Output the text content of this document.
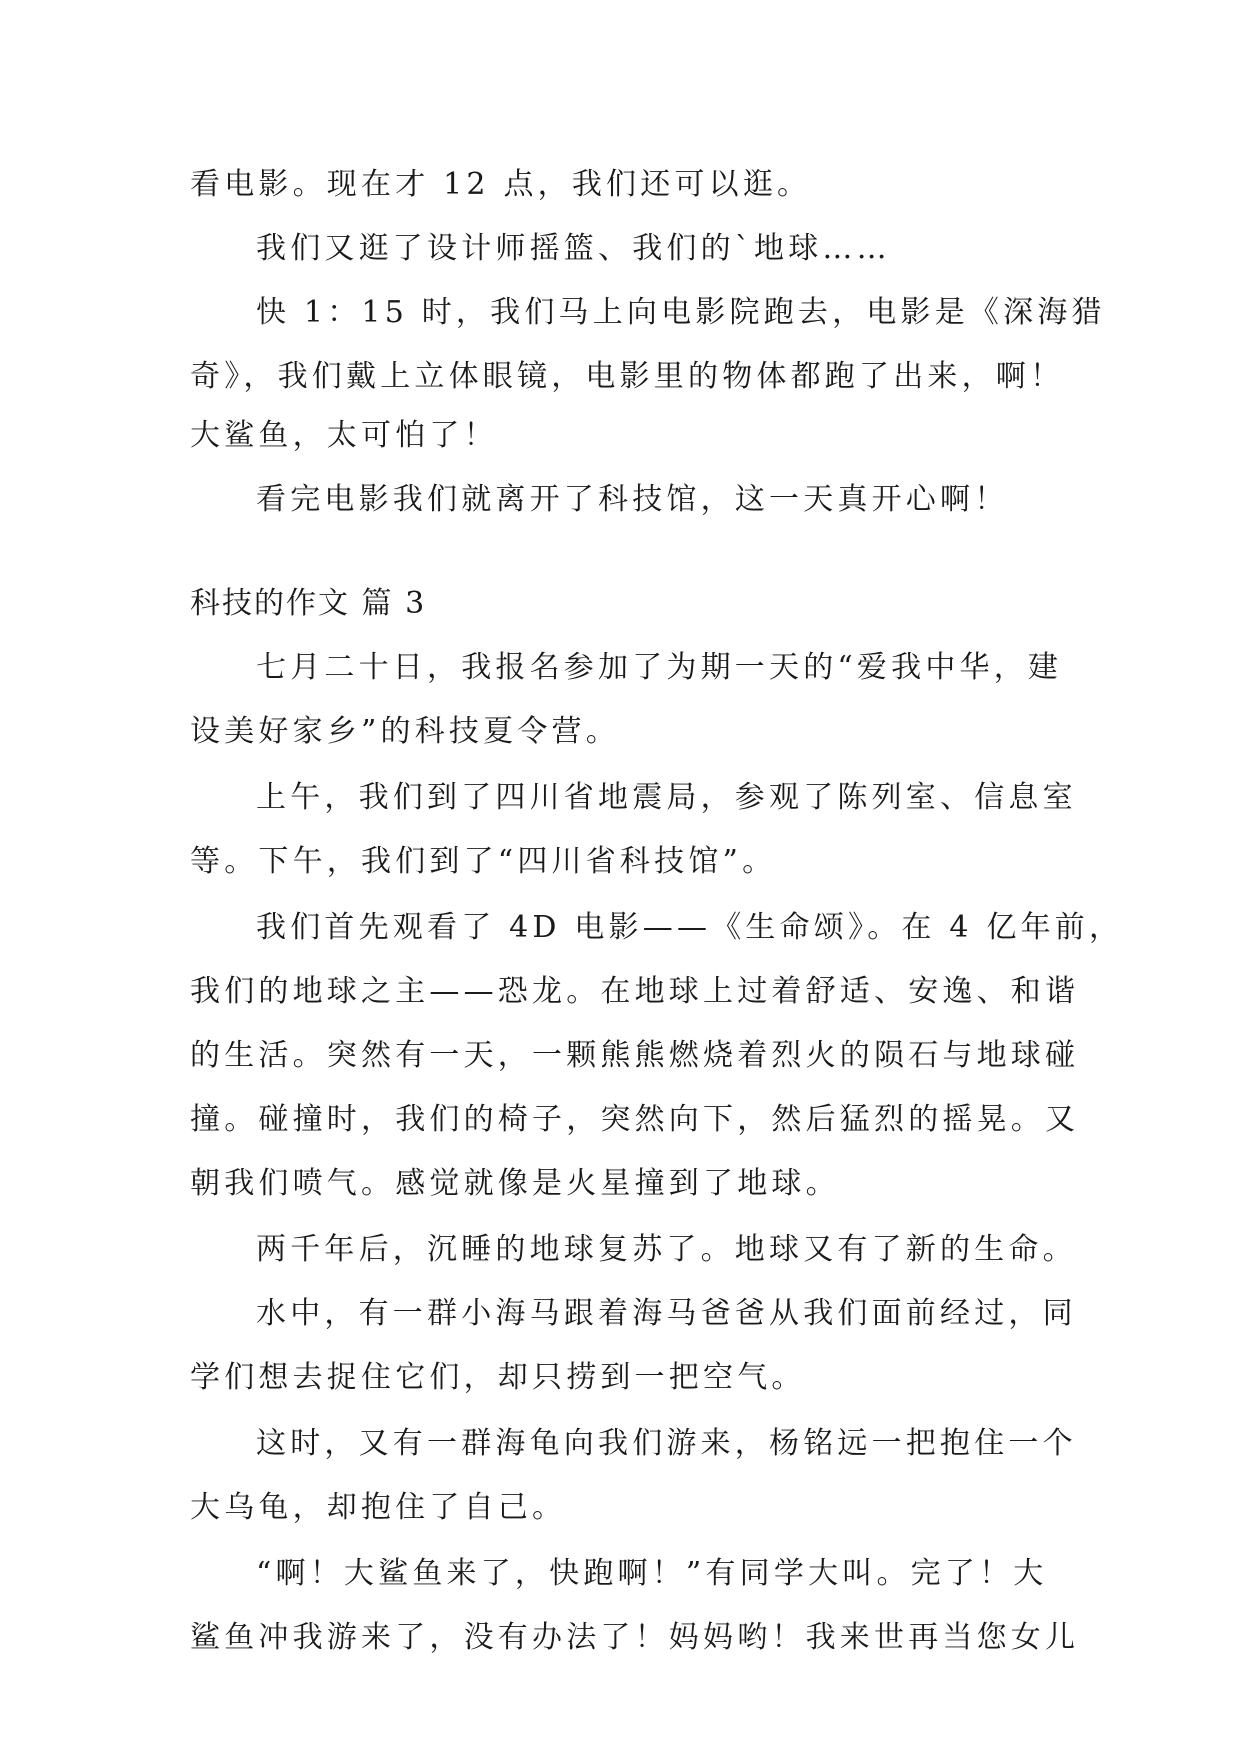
看电影。现在才 12 点，我们还可以逛。
我们又逛了设计师摇篮、我们的`地球……
快 1：15 时，我们马上向电影院跑去，电影是《深海猎
奇》，我们戴上立体眼镜，电影里的物体都跑了出来，啊！
大鲨鱼，太可怕了！
看完电影我们就离开了科技馆，这一天真开心啊！
科技的作文 篇 3
七月二十日，我报名参加了为期一天的“爱我中华，建
设美好家乡”的科技夏令营。
上午，我们到了四川省地震局，参观了陈列室、信息室
等。下午，我们到了“四川省科技馆”。
我们首先观看了 4D 电影——《生命颂》。在 4 亿年前，
我们的地球之主——恐龙。在地球上过着舒适、安逸、和谐
的生活。突然有一天，一颗熊熊燃烧着烈火的陨石与地球碰
撞。碰撞时，我们的椅子，突然向下，然后猛烈的摇晃。又
朝我们喷气。感觉就像是火星撞到了地球。
两千年后，沉睡的地球复苏了。地球又有了新的生命。
水中，有一群小海马跟着海马爸爸从我们面前经过，同
学们想去捉住它们，却只捞到一把空气。
这时，又有一群海龟向我们游来，杨铭远一把抱住一个
大乌龟，却抱住了自己。
“啊！大鲨鱼来了，快跑啊！”有同学大叫。完了！大
鲨鱼冲我游来了，没有办法了！妈妈哟！我来世再当您女儿
